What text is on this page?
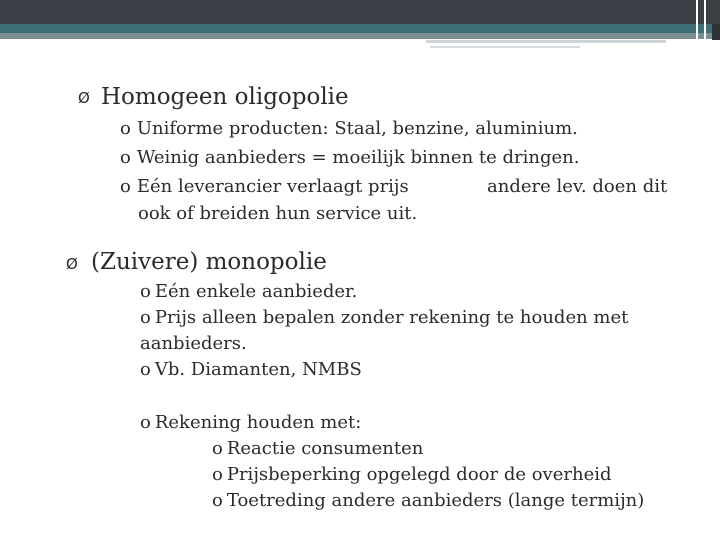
Ø Homogeen oligopolie
o Uniforme producten: Staal, benzine, aluminium.
o Weinig aanbieders = moeilijk binnen te dringen.
o Eén leverancier verlaagt prijs	andere lev. doen dit
ook of breiden hun service uit.
Ø (Zuivere) monopolie
o Eén enkele aanbieder.
o Prijs alleen bepalen zonder rekening te houden met
aanbieders.
o Vb. Diamanten, NMBS
o Rekening houden met:
o Reactie consumenten
o Prijsbeperking opgelegd door de overheid
o Toetreding andere aanbieders (lange termijn)
